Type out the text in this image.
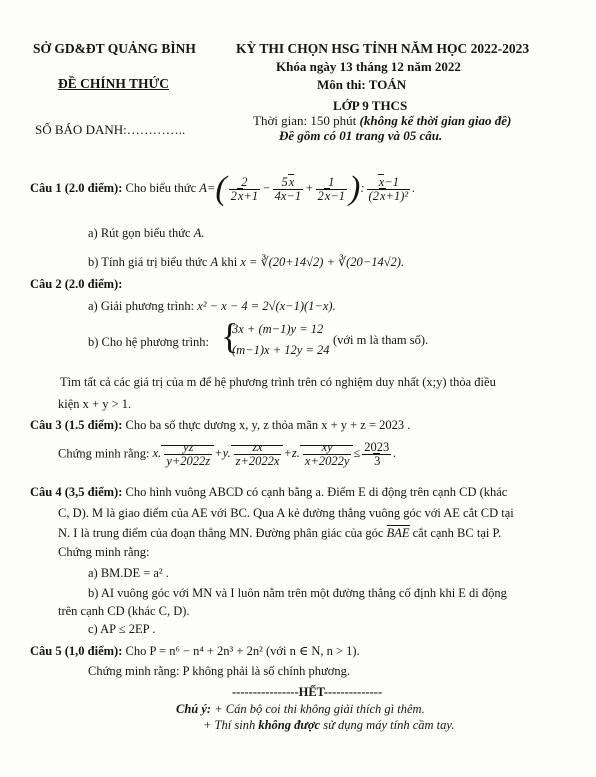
SỞ GD&ĐT QUẢNG BÌNH
ĐỀ CHÍNH THỨC
SỐ BÁO DANH:…………..
KỲ THI CHỌN HSG TỈNH NĂM HỌC 2022-2023
Khóa ngày 13 tháng 12 năm 2022
Môn thi: TOÁN
LỚP 9 THCS
Thời gian: 150 phút (không kể thời gian giao đề)
Đề gồm có 01 trang và 05 câu.
Câu 1 (2.0 điểm): Cho biểu thức $A=( \frac{2}{2x+1} - \frac{5x}{4x-1} + \frac{1}{2x-1}$ ): $\frac{x-1}{\text{(2x+1)²}}$ .
a) Rút gọn biểu thức A.
b) Tính giá trị biểu thức A khi x = ∛(20+14√2) + ∛(20−14√2).
Câu 2 (2.0 điểm):
a) Giải phương trình: x² − x − 4 = 2√(x−1)(1−x).
b) Cho hệ phương trình: {
3x + (m−1)y = 12
(m−1)x + 12y = 24
(với m là tham số).
Tìm tất cả các giá trị của m để hệ phương trình trên có nghiệm duy nhất (x;y) thỏa điều
kiện x + y > 1.
Câu 3 (1.5 điểm): Cho ba số thực dương x, y, z thỏa mãn x + y + z = 2023 .
Chứng minh rằng: x. $\frac{yz}{y+2022z} +y$. $\frac{zx}{z+2022x} +z$. $\frac{xy}{x+2022y} \le \frac{2023}{3}$ .
Câu 4 (3,5 điểm): Cho hình vuông ABCD có cạnh bằng a. Điểm E di động trên cạnh CD (khác
C, D). M là giao điểm của AE với BC. Qua A kẻ đường thẳng vuông góc với AE cắt CD tại
N. I là trung điểm của đoạn thẳng MN. Đường phân giác của góc BAE cắt cạnh BC tại P.
Chứng minh rằng:
a) BM.DE = a² .
b) AI vuông góc với MN và I luôn nằm trên một đường thẳng cố định khi E di động
trên cạnh CD (khác C, D).
c) AP ≤ 2EP .
Câu 5 (1,0 điểm): Cho P = n⁶ − n⁴ + 2n³ + 2n² (với n ∈ N, n > 1).
Chứng minh rằng: P không phải là số chính phương.
----------------HẾT--------------
Chú ý: + Cán bộ coi thi không giải thích gì thêm.
+ Thí sinh không được sử dụng máy tính cầm tay.
